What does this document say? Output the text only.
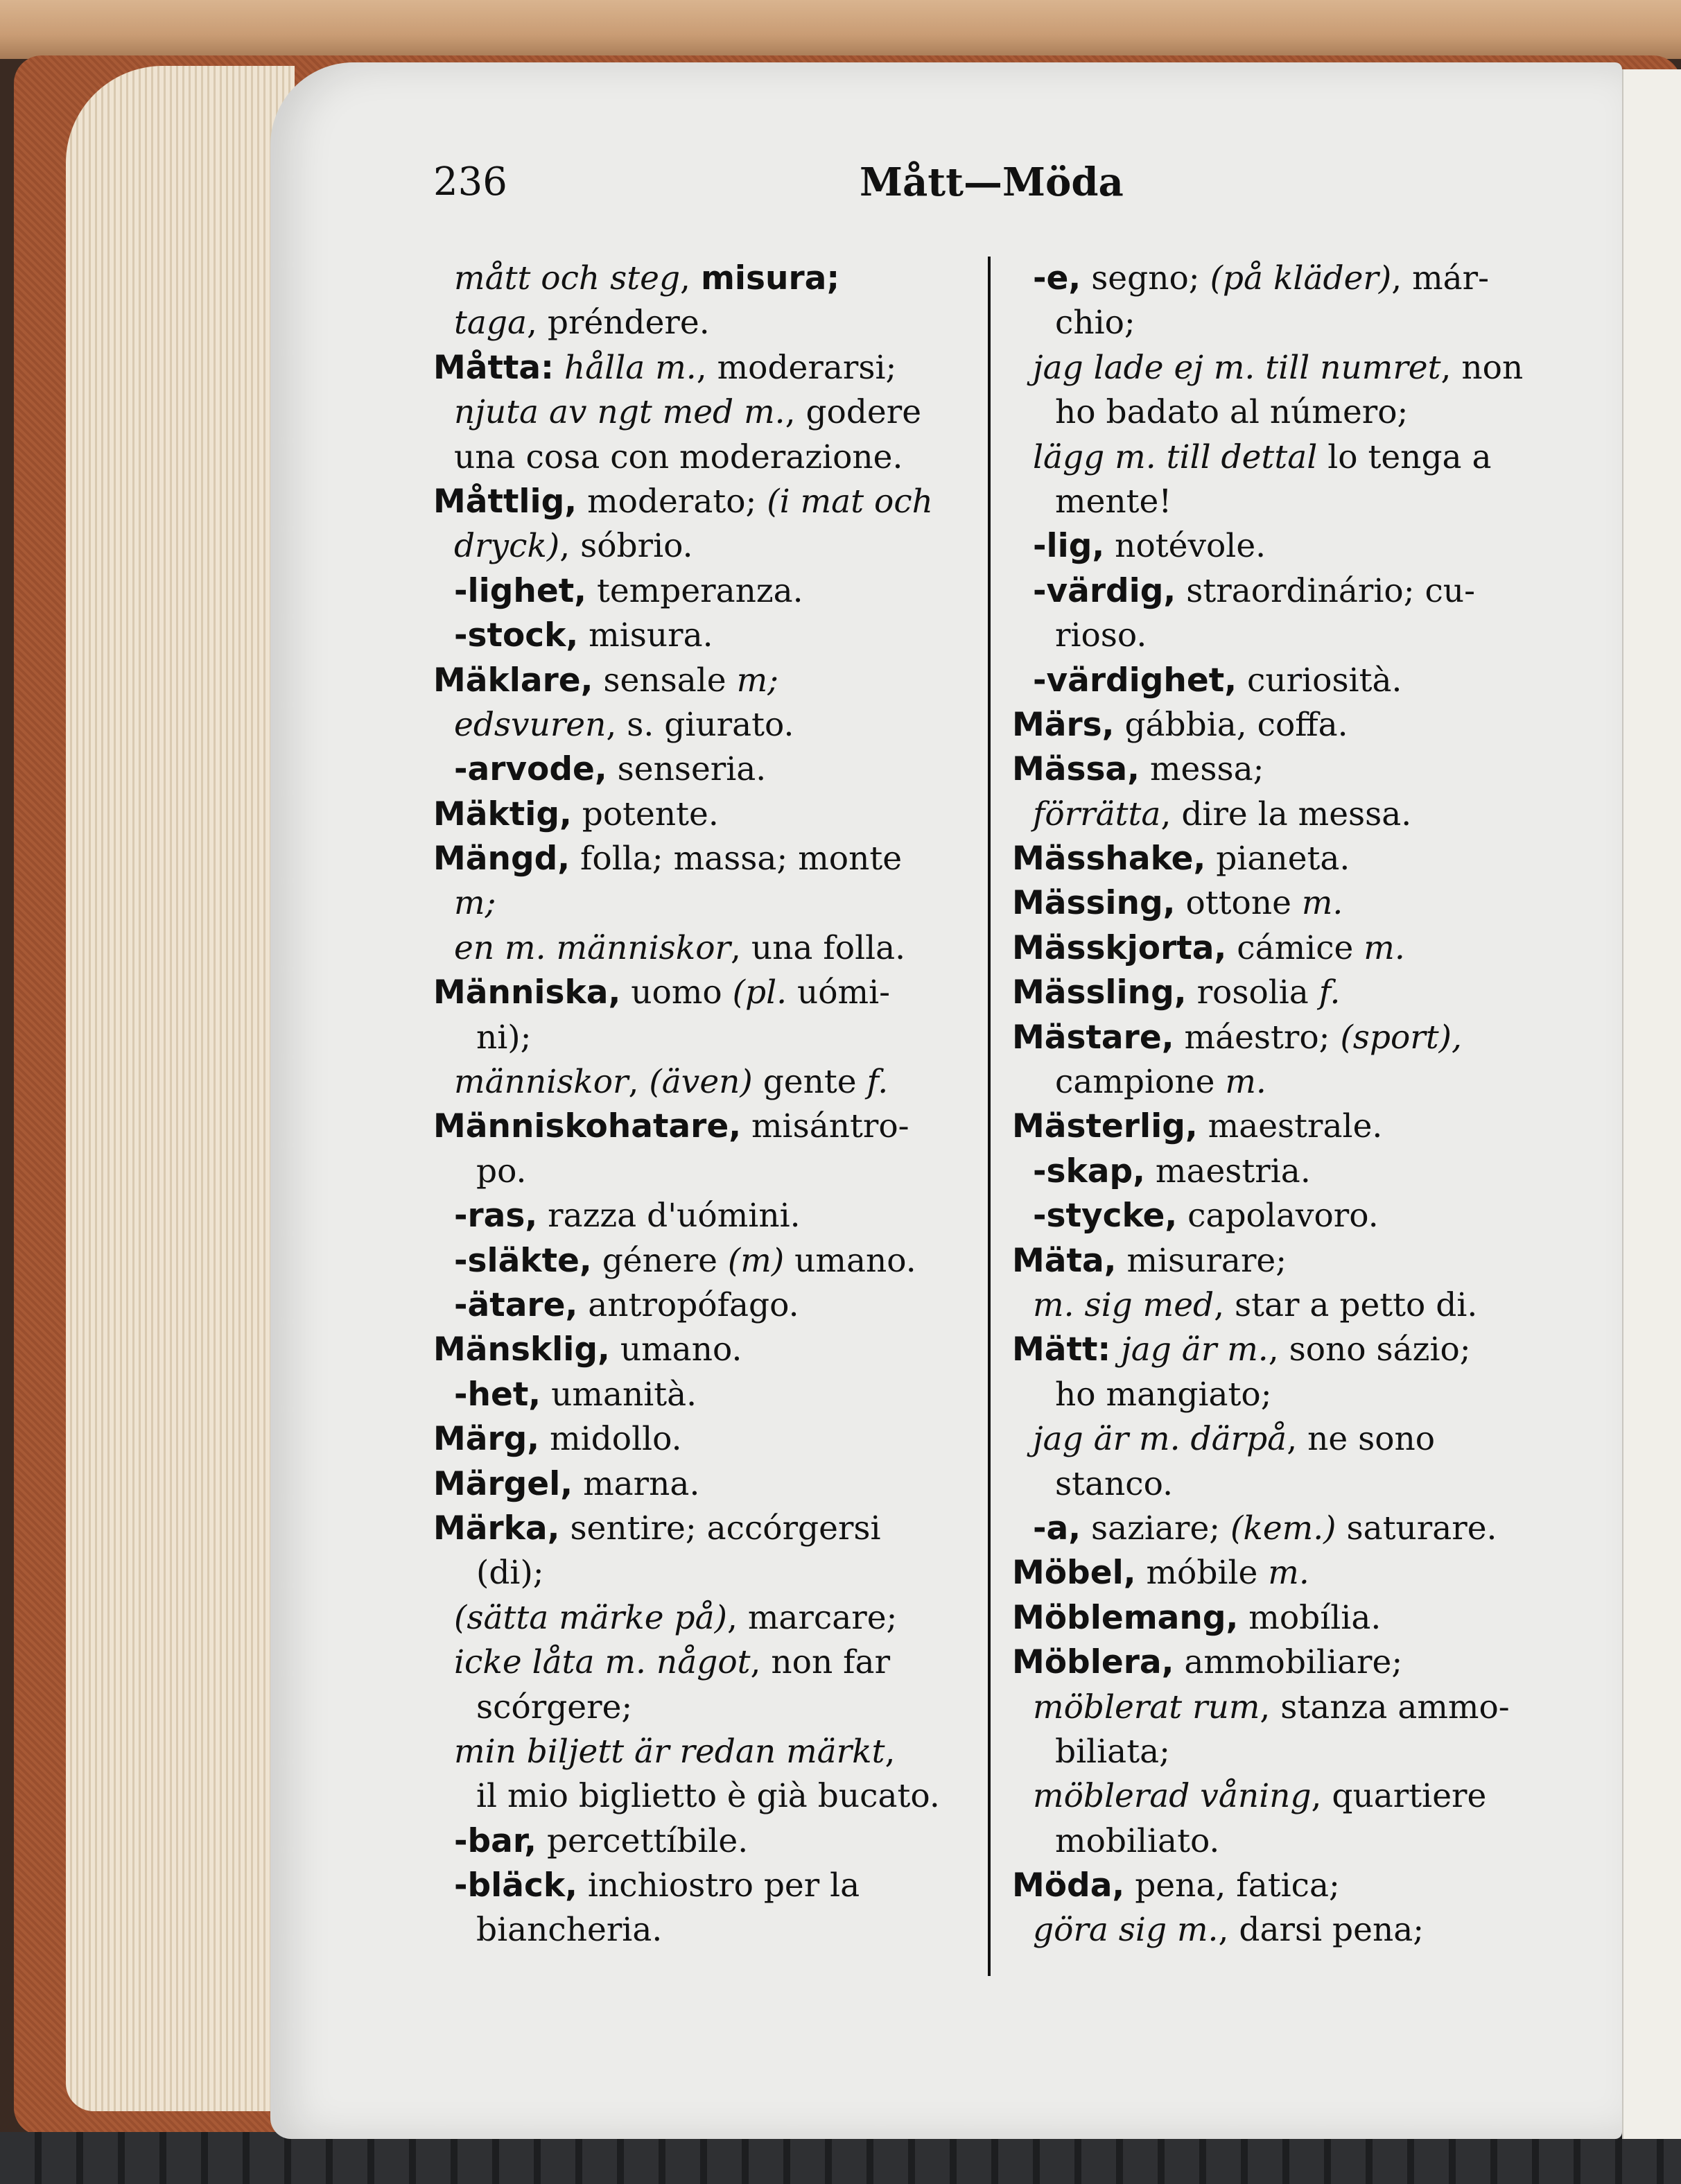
236	Mått—Möda
mått och steg, misura;
taga, préndere.
Måtta: hålla m., moderarsi;
njuta av ngt med m., godere
una cosa con moderazione.
Måttlig, moderato; (i mat och
dryck), sóbrio.
-lighet, temperanza.
-stock, misura.
Mäklare, sensale m;
edsvuren, s. giurato.
-arvode, senseria.
Mäktig, potente.
Mängd, folla; massa; monte
m;
en m. människor, una folla.
Människa, uomo (pl. uómi-
ni);
människor, (även) gente f.
Människohatare, misántro-
po.
-ras, razza d'uómini.
-släkte, génere (m) umano.
-ätare, antropófago.
Mänsklig, umano.
-het, umanità.
Märg, midollo.
Märgel, marna.
Märka, sentire; accórgersi
(di);
(sätta märke på), marcare;
icke låta m. något, non far
scórgere;
min biljett är redan märkt,
il mio biglietto è già bucato.
-bar, percettíbile.
-bläck, inchiostro per la
biancheria.
-e, segno; (på kläder), már-
chio;
jag lade ej m. till numret, non
ho badato al número;
lägg m. till dettal lo tenga a
mente!
-lig, notévole.
-värdig, straordinário; cu-
rioso.
-värdighet, curiosità.
Märs, gábbia, coffa.
Mässa, messa;
förrätta, dire la messa.
Mässhake, pianeta.
Mässing, ottone m.
Mässkjorta, cámice m.
Mässling, rosolia f.
Mästare, máestro; (sport),
campione m.
Mästerlig, maestrale.
-skap, maestria.
-stycke, capolavoro.
Mäta, misurare;
m. sig med, star a petto di.
Mätt: jag är m., sono sázio;
ho mangiato;
jag är m. därpå, ne sono
stanco.
-a, saziare; (kem.) saturare.
Möbel, móbile m.
Möblemang, mobília.
Möblera, ammobiliare;
möblerat rum, stanza ammo-
biliata;
möblerad våning, quartiere
mobiliato.
Möda, pena, fatica;
göra sig m., darsi pena;
